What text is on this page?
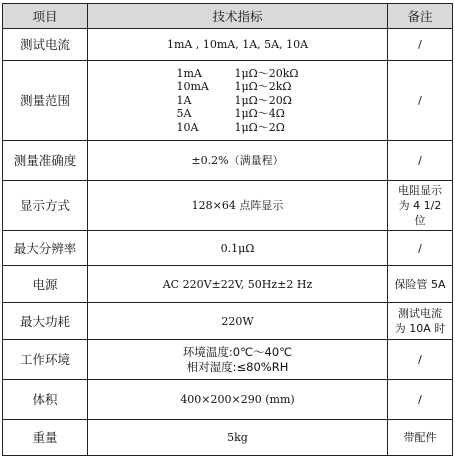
项目	技术指标	备注
测试电流	1mA , 10mA, 1A, 5A, 10A	/
测量范围	1mA 1μΩ～20kΩ
10mA 1μΩ～2kΩ
1A 1μΩ～20Ω
5A 1μΩ～4Ω
10A 1μΩ～2Ω	/
测量准确度	±0.2%（满量程）	/
显示方式	128×64 点阵显示	电阻显示
为 4 1/2
位

最大分辨率	0.1μΩ	/
电源	AC 220V±22V, 50Hz±2 Hz	保险管 5A
最大功耗	220W	测试电流
为 10A 时

工作环境	环境温度:0℃～40℃
相对湿度:≤80%RH	/
体积	400×200×290 (mm)	/
重量	5kg	带配件
